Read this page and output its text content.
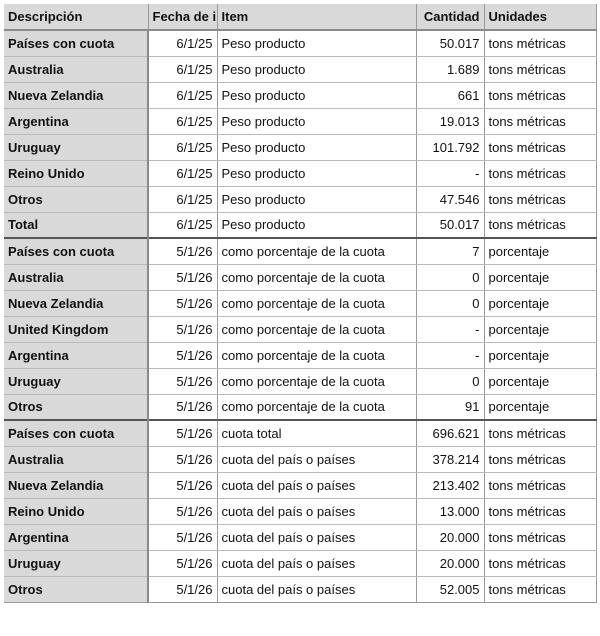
Descripción	Fecha de i	Item	Cantidad	Unidades
Países con cuota	6/1/25	Peso producto	50.017	tons métricas
Australia	6/1/25	Peso producto	1.689	tons métricas
Nueva Zelandia	6/1/25	Peso producto	661	tons métricas
Argentina	6/1/25	Peso producto	19.013	tons métricas
Uruguay	6/1/25	Peso producto	101.792	tons métricas
Reino Unido	6/1/25	Peso producto	-	tons métricas
Otros	6/1/25	Peso producto	47.546	tons métricas
Total	6/1/25	Peso producto	50.017	tons métricas
Países con cuota	5/1/26	como porcentaje de la cuota	7	porcentaje
Australia	5/1/26	como porcentaje de la cuota	0	porcentaje
Nueva Zelandia	5/1/26	como porcentaje de la cuota	0	porcentaje
United Kingdom	5/1/26	como porcentaje de la cuota	-	porcentaje
Argentina	5/1/26	como porcentaje de la cuota	-	porcentaje
Uruguay	5/1/26	como porcentaje de la cuota	0	porcentaje
Otros	5/1/26	como porcentaje de la cuota	91	porcentaje
Países con cuota	5/1/26	cuota total	696.621	tons métricas
Australia	5/1/26	cuota del país o países	378.214	tons métricas
Nueva Zelandia	5/1/26	cuota del país o países	213.402	tons métricas
Reino Unido	5/1/26	cuota del país o países	13.000	tons métricas
Argentina	5/1/26	cuota del país o países	20.000	tons métricas
Uruguay	5/1/26	cuota del país o países	20.000	tons métricas
Otros	5/1/26	cuota del país o países	52.005	tons métricas
